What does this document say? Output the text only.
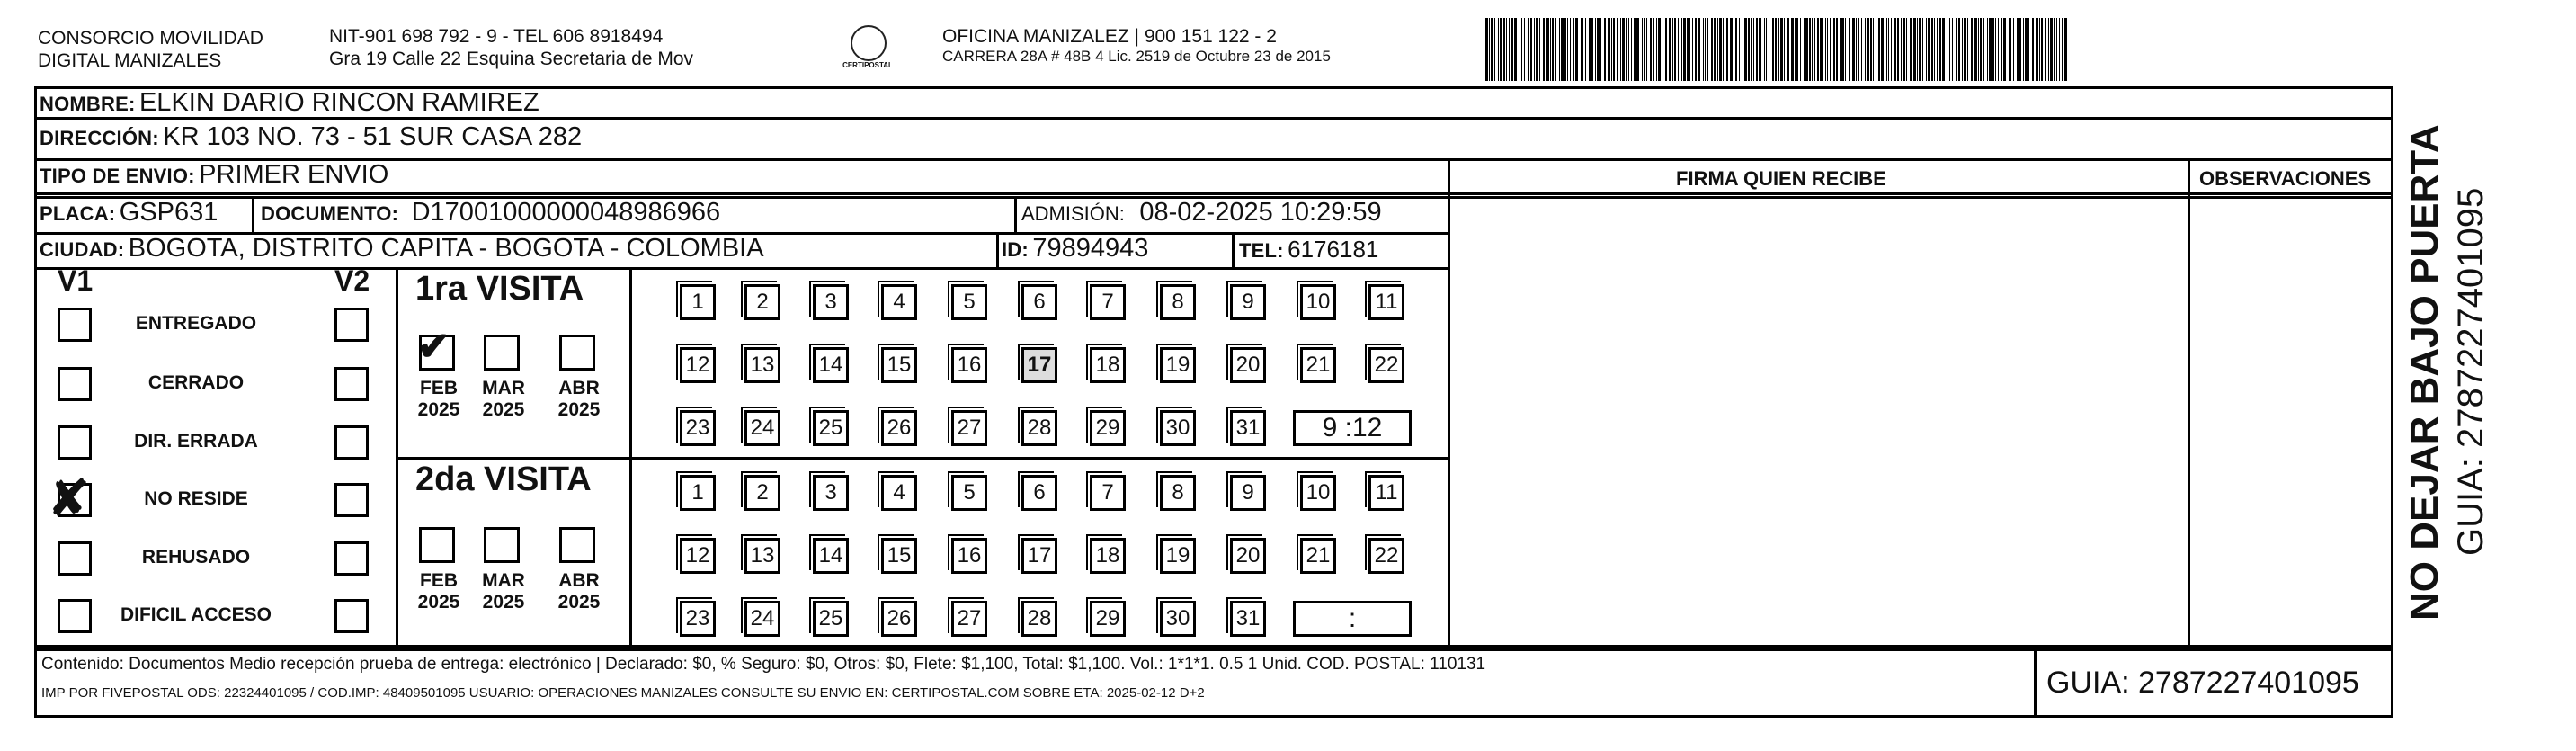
CONSORCIO MOVILIDAD
DIGITAL MANIZALES
NIT-901 698 792 - 9 - TEL 606 8918494
Gra 19 Calle 22 Esquina Secretaria de Mov	CERTIPOSTAL
OFICINA MANIZALEZ | 900 151 122 - 2
CARRERA 28A # 48B 4 Lic. 2519 de Octubre 23 de 2015
NOMBRE: ELKIN DARIO RINCON RAMIREZ
DIRECCIÓN: KR 103 NO. 73 - 51 SUR CASA 282
TIPO DE ENVIO: PRIMER ENVIO	FIRMA QUIEN RECIBE	OBSERVACIONES
PLACA: GSP631 DOCUMENTO: D17001000000048986966	ADMISIÓN: 08-02-2025 10:29:59
CIUDAD: BOGOTA, DISTRITO CAPITA - BOGOTA - COLOMBIA	ID: 79894943	TEL: 6176181
V1	V2
ENTREGADO
CERRADO
DIR. ERRADA
✘	NO RESIDE
REHUSADO
DIFICIL ACCESO
1ra VISITA
✔
FEB
2025
MAR
2025
ABR
2025
1	2	3	4	5	6	7	8	9	10	11
12 13 14 15 16 17 18 19 20 21 22
23 24 25 26 27 28 29 30 31	9 :12
2da VISITA
FEB
2025
MAR
2025
ABR
2025
1	2	3	4	5	6	7	8	9	10	11
12 13 14 15 16 17 18 19 20 21 22
23 24 25 26 27 28 29 30 31	:
Contenido: Documentos Medio recepción prueba de entrega: electrónico | Declarado: $0, % Seguro: $0, Otros: $0, Flete: $1,100, Total: $1,100. Vol.: 1*1*1. 0.5 1 Unid. COD. POSTAL: 110131
IMP POR FIVEPOSTAL ODS: 22324401095 / COD.IMP: 48409501095 USUARIO: OPERACIONES MANIZALES CONSULTE SU ENVIO EN: CERTIPOSTAL.COM SOBRE ETA: 2025-02-12 D+2	GUIA: 2787227401095
NO DEJAR BAJO PUERTA GUIA: 2787227401095
